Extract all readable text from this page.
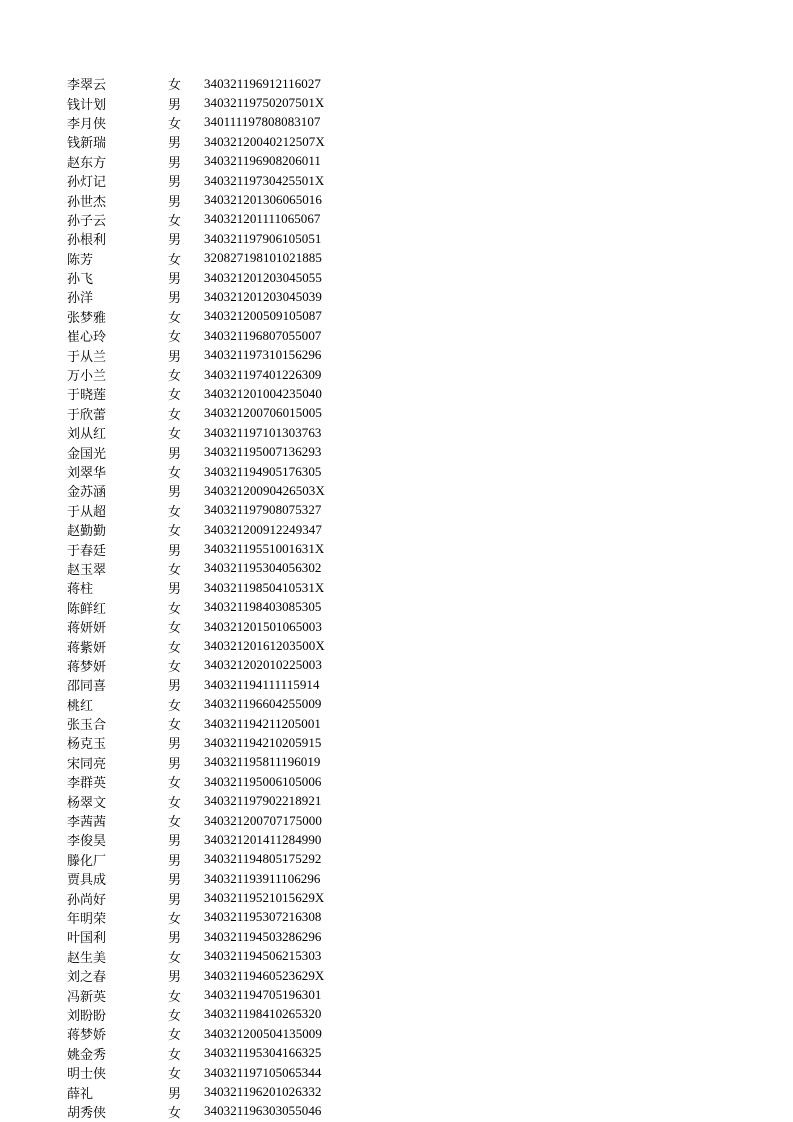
李翠云	女	340321196912116027
钱计划	男	34032119750207501X
李月侠	女	340111197808083107
钱新瑞	男	34032120040212507X
赵东方	男	340321196908206011
孙灯记	男	34032119730425501X
孙世杰	男	340321201306065016
孙子云	女	340321201111065067
孙根利	男	340321197906105051
陈芳	女	320827198101021885
孙飞	男	340321201203045055
孙洋	男	340321201203045039
张梦雅	女	340321200509105087
崔心玲	女	340321196807055007
于从兰	男	340321197310156296
万小兰	女	340321197401226309
于晓莲	女	340321201004235040
于欣蕾	女	340321200706015005
刘从红	女	340321197101303763
金国光	男	340321195007136293
刘翠华	女	340321194905176305
金苏涵	男	34032120090426503X
于从超	女	340321197908075327
赵勤勤	女	340321200912249347
于春廷	男	34032119551001631X
赵玉翠	女	340321195304056302
蒋柱	男	34032119850410531X
陈鲜红	女	340321198403085305
蒋妍妍	女	340321201501065003
蒋紫妍	女	34032120161203500X
蒋梦妍	女	340321202010225003
邵同喜	男	340321194111115914
桃红	女	340321196604255009
张玉合	女	340321194211205001
杨克玉	男	340321194210205915
宋同亮	男	340321195811196019
李群英	女	340321195006105006
杨翠文	女	340321197902218921
李茜茜	女	340321200707175000
李俊昊	男	340321201411284990
滕化厂	男	340321194805175292
贾具成	男	340321193911106296
孙尚好	男	34032119521015629X
年明荣	女	340321195307216308
叶国利	男	340321194503286296
赵生美	女	340321194506215303
刘之春	男	34032119460523629X
冯新英	女	340321194705196301
刘盼盼	女	340321198410265320
蒋梦娇	女	340321200504135009
姚金秀	女	340321195304166325
明士侠	女	340321197105065344
薛礼	男	340321196201026332
胡秀侠	女	340321196303055046
